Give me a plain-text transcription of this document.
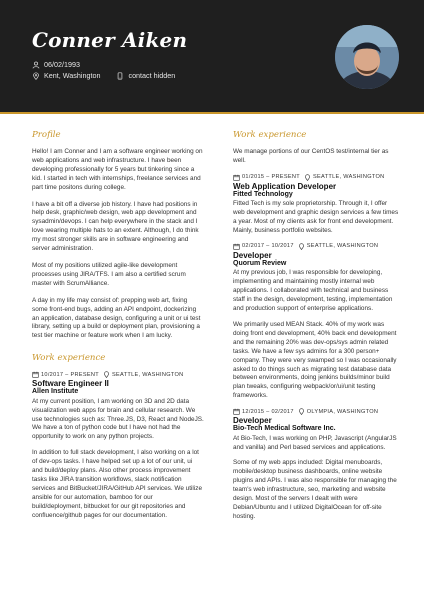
Conner Aiken
06/02/1993
Kent, Washington	contact hidden
Profile
Hello! I am Conner and I am a software engineer working on web applications and web infrastructure. I have been developing professionally for 5 years but tinkering since a kid. I started in tech with internships, freelance services and part time positons during college.
I have a bit off a diverse job history. I have had positions in help desk, graphic/web design, web app development and sysadmin/devops. I can help everywhere in the stack and I love wearing multiple hats to an extent. Although, I do think my most stronger skills are in software engineering and server administration.
Most of my positions utilized agile-like development processes using JIRA/TFS. I am also a certified scrum master with ScrumAlliance.
A day in my life may consist of: prepping web art, fixing some front-end bugs, adding an API endpoint, dockerizing an application, database design, configuring a unit or ui test library, setting up a build or deployment plan, provisioning a test tier machine or feature work when I am lucky.
Work experience
10/2017 – PRESENT SEATTLE, WASHINGTON
Software Engineer II
Allen Institute
At my current position, I am working on 3D and 2D data visualization web apps for brain and cellular research. We use technologies such as: Three.JS, D3, React and NodeJS. We have a ton of python code but I have not had the opportunity to work on any python projects.
In addition to full stack development, I also working on a lot of dev-ops tasks. I have helped set up a lot of our unit, ui and build/deploy plans. Also other process improvement tasks like JIRA transition workflows, slack notification services and BitBucket/JIRA/GitHub API services. We utilize ansible for our automation, bamboo for our build/deployment, bitbucket for our git repositories and confluence/github pages for our documentation.
Work experience
We manage portions of our CentOS test/internal tier as well.
01/2015 – PRESENT SEATTLE, WASHINGTON
Web Application Developer
Fitted Technology
Fitted Tech is my sole proprietorship. Through it, I offer web development and graphic design services a few times a year. Most of my clients ask for front end development. Mainly, business portfolio websites.
02/2017 – 10/2017 SEATTLE, WASHINGTON
Developer
Quorum Review
At my previous job, I was responsible for developing, implementing and maintaining mostly internal web applications. I collaborated with technical and business staff in the design, development, testing, implementation and production support of enterprise applications.
We primarily used MEAN Stack. 40% of my work was doing front end development, 40% back end development and the remaining 20% was dev-ops/sys admin related tasks. We have a few sys admins for a 300 person+ company. They were very swamped so I was occasionally asked to do things such as migrating test database data between environments, doing jenkins builds/minor build plan tweaks, configuring webpack/or/ui/unit testing frameworks.
12/2015 – 02/2017 OLYMPIA, WASHINGTON
Developer
Bio-Tech Medical Software Inc.
At Bio-Tech, I was working on PHP, Javascript (AngularJS and vanilla) and Perl based services and applications.
Some of my web apps included: Digital menuboards, mobile/desktop business dashboards, online website plugins and APIs. I was also responsible for managing the team's web infrastructure, seo, marketing and website design. Most of the servers I dealt with were Debian/Ubuntu and I utilized DigitalOcean for off-site hosting.
